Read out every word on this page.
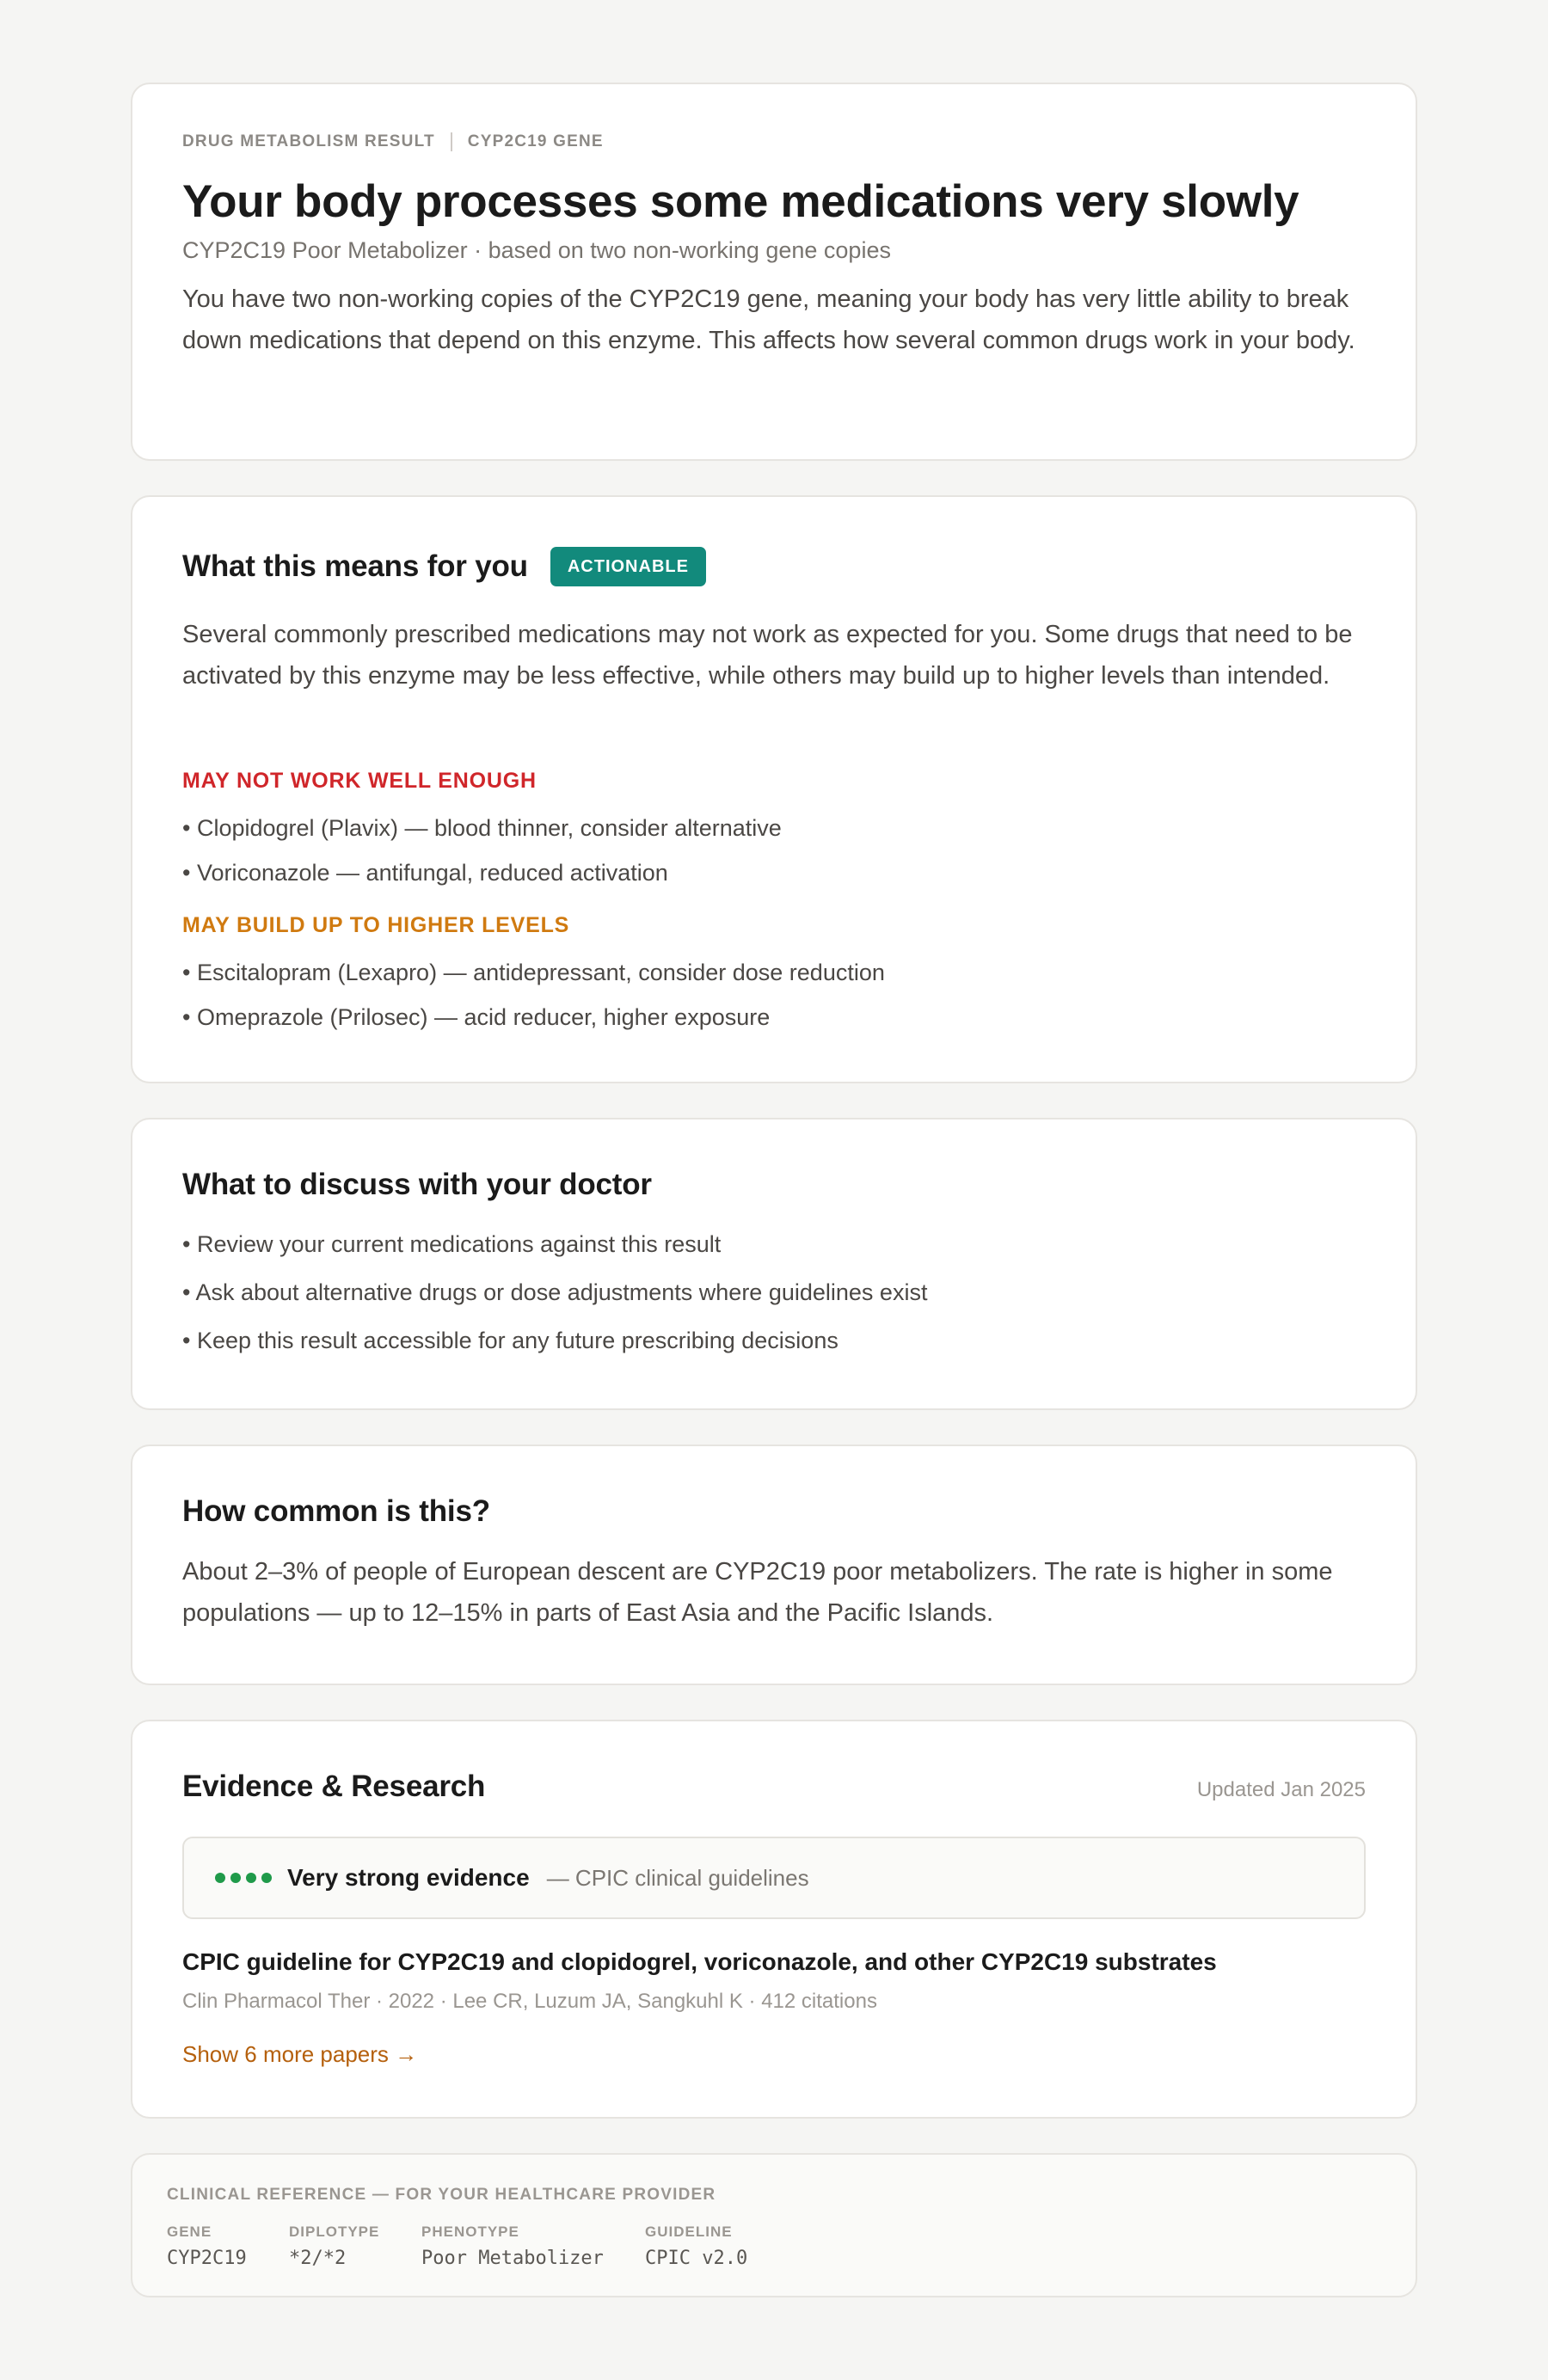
DRUG METABOLISM RESULT CYP2C19 GENE
Your body processes some medications very slowly
CYP2C19 Poor Metabolizer · based on two non-working gene copies

You have two non-working copies of the CYP2C19 gene, meaning your body has very little ability to break down medications that depend on this enzyme. This affects how several common drugs work in your body.

What this means for you	ACTIONABLE

Several commonly prescribed medications may not work as expected for you. Some drugs that need to be activated by this enzyme may be less effective, while others may build up to higher levels than intended.

MAY NOT WORK WELL ENOUGH
• Clopidogrel (Plavix) — blood thinner, consider alternative
• Voriconazole — antifungal, reduced activation
MAY BUILD UP TO HIGHER LEVELS
• Escitalopram (Lexapro) — antidepressant, consider dose reduction
• Omeprazole (Prilosec) — acid reducer, higher exposure
What to discuss with your doctor
• Review your current medications against this result
• Ask about alternative drugs or dose adjustments where guidelines exist
• Keep this result accessible for any future prescribing decisions
How common is this?

About 2–3% of people of European descent are CYP2C19 poor metabolizers. The rate is higher in some populations — up to 12–15% in parts of East Asia and the Pacific Islands.

Evidence & Research	Updated Jan 2025
Very strong evidence — CPIC clinical guidelines
CPIC guideline for CYP2C19 and clopidogrel, voriconazole, and other CYP2C19 substrates
Clin Pharmacol Ther · 2022 · Lee CR, Luzum JA, Sangkuhl K · 412 citations
Show 6 more papers →
CLINICAL REFERENCE — FOR YOUR HEALTHCARE PROVIDER
GENE
CYP2C19
DIPLOTYPE
*2/*2
PHENOTYPE
Poor Metabolizer
GUIDELINE
CPIC v2.0
